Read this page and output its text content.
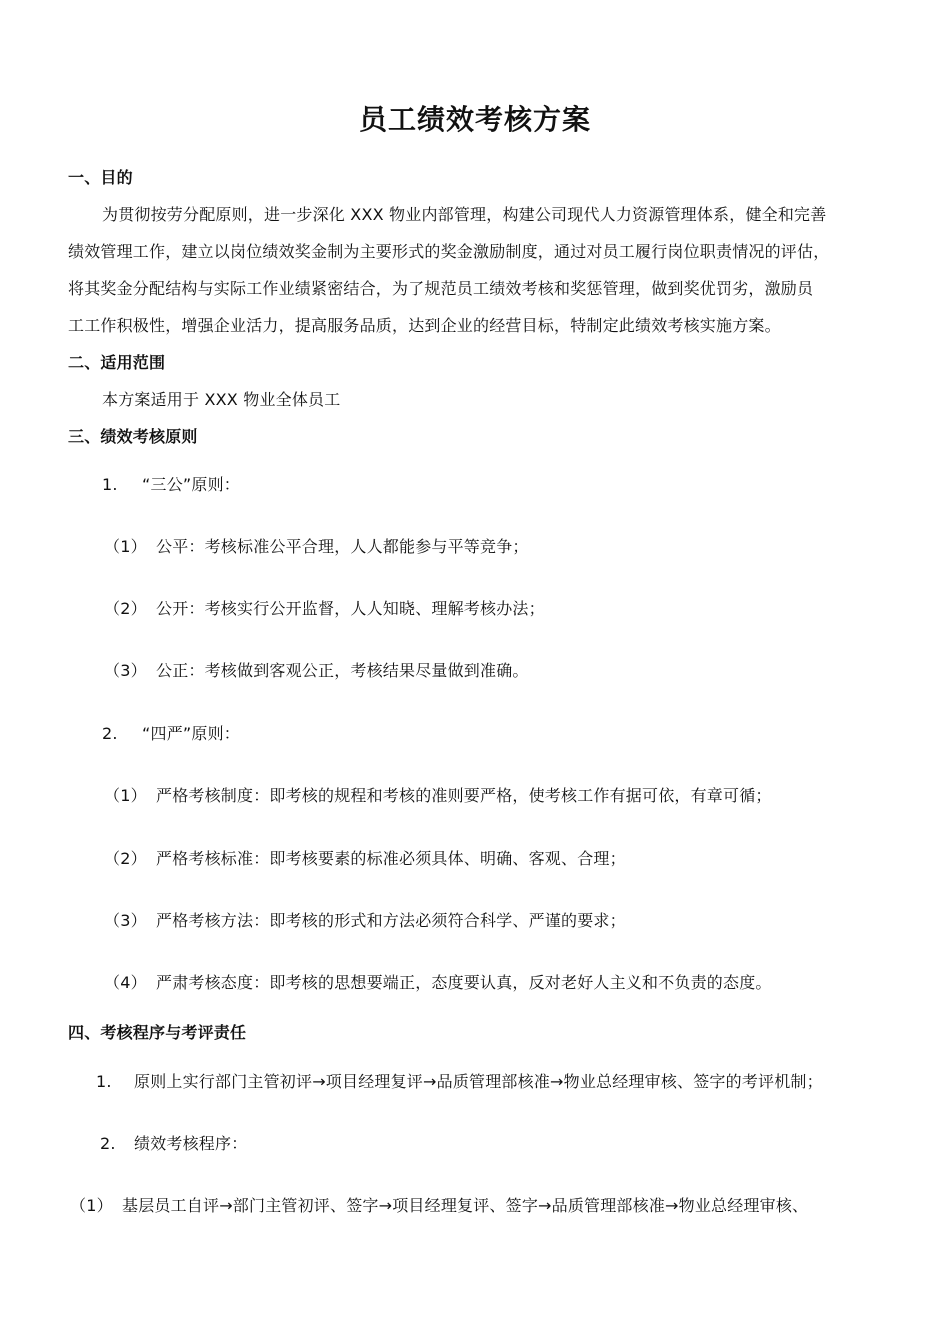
员工绩效考核方案
一、目的
为贯彻按劳分配原则，进一步深化 XXX 物业内部管理，构建公司现代人力资源管理体系，健全和完善
绩效管理工作，建立以岗位绩效奖金制为主要形式的奖金激励制度，通过对员工履行岗位职责情况的评估，
将其奖金分配结构与实际工作业绩紧密结合，为了规范员工绩效考核和奖惩管理，做到奖优罚劣，激励员
工工作积极性，增强企业活力，提高服务品质，达到企业的经营目标，特制定此绩效考核实施方案。
二、适用范围
本方案适用于 XXX 物业全体员工
三、绩效考核原则
1. “三公”原则：
（1） 公平：考核标准公平合理，人人都能参与平等竞争；
（2） 公开：考核实行公开监督，人人知晓、理解考核办法；
（3） 公正：考核做到客观公正，考核结果尽量做到准确。
2. “四严”原则：
（1） 严格考核制度：即考核的规程和考核的准则要严格，使考核工作有据可依，有章可循；
（2） 严格考核标准：即考核要素的标准必须具体、明确、客观、合理；
（3） 严格考核方法：即考核的形式和方法必须符合科学、严谨的要求；
（4） 严肃考核态度：即考核的思想要端正，态度要认真，反对老好人主义和不负责的态度。
四、考核程序与考评责任
1. 原则上实行部门主管初评→项目经理复评→品质管理部核准→物业总经理审核、签字的考评机制；
2. 绩效考核程序：
（1） 基层员工自评→部门主管初评、签字→项目经理复评、签字→品质管理部核准→物业总经理审核、
